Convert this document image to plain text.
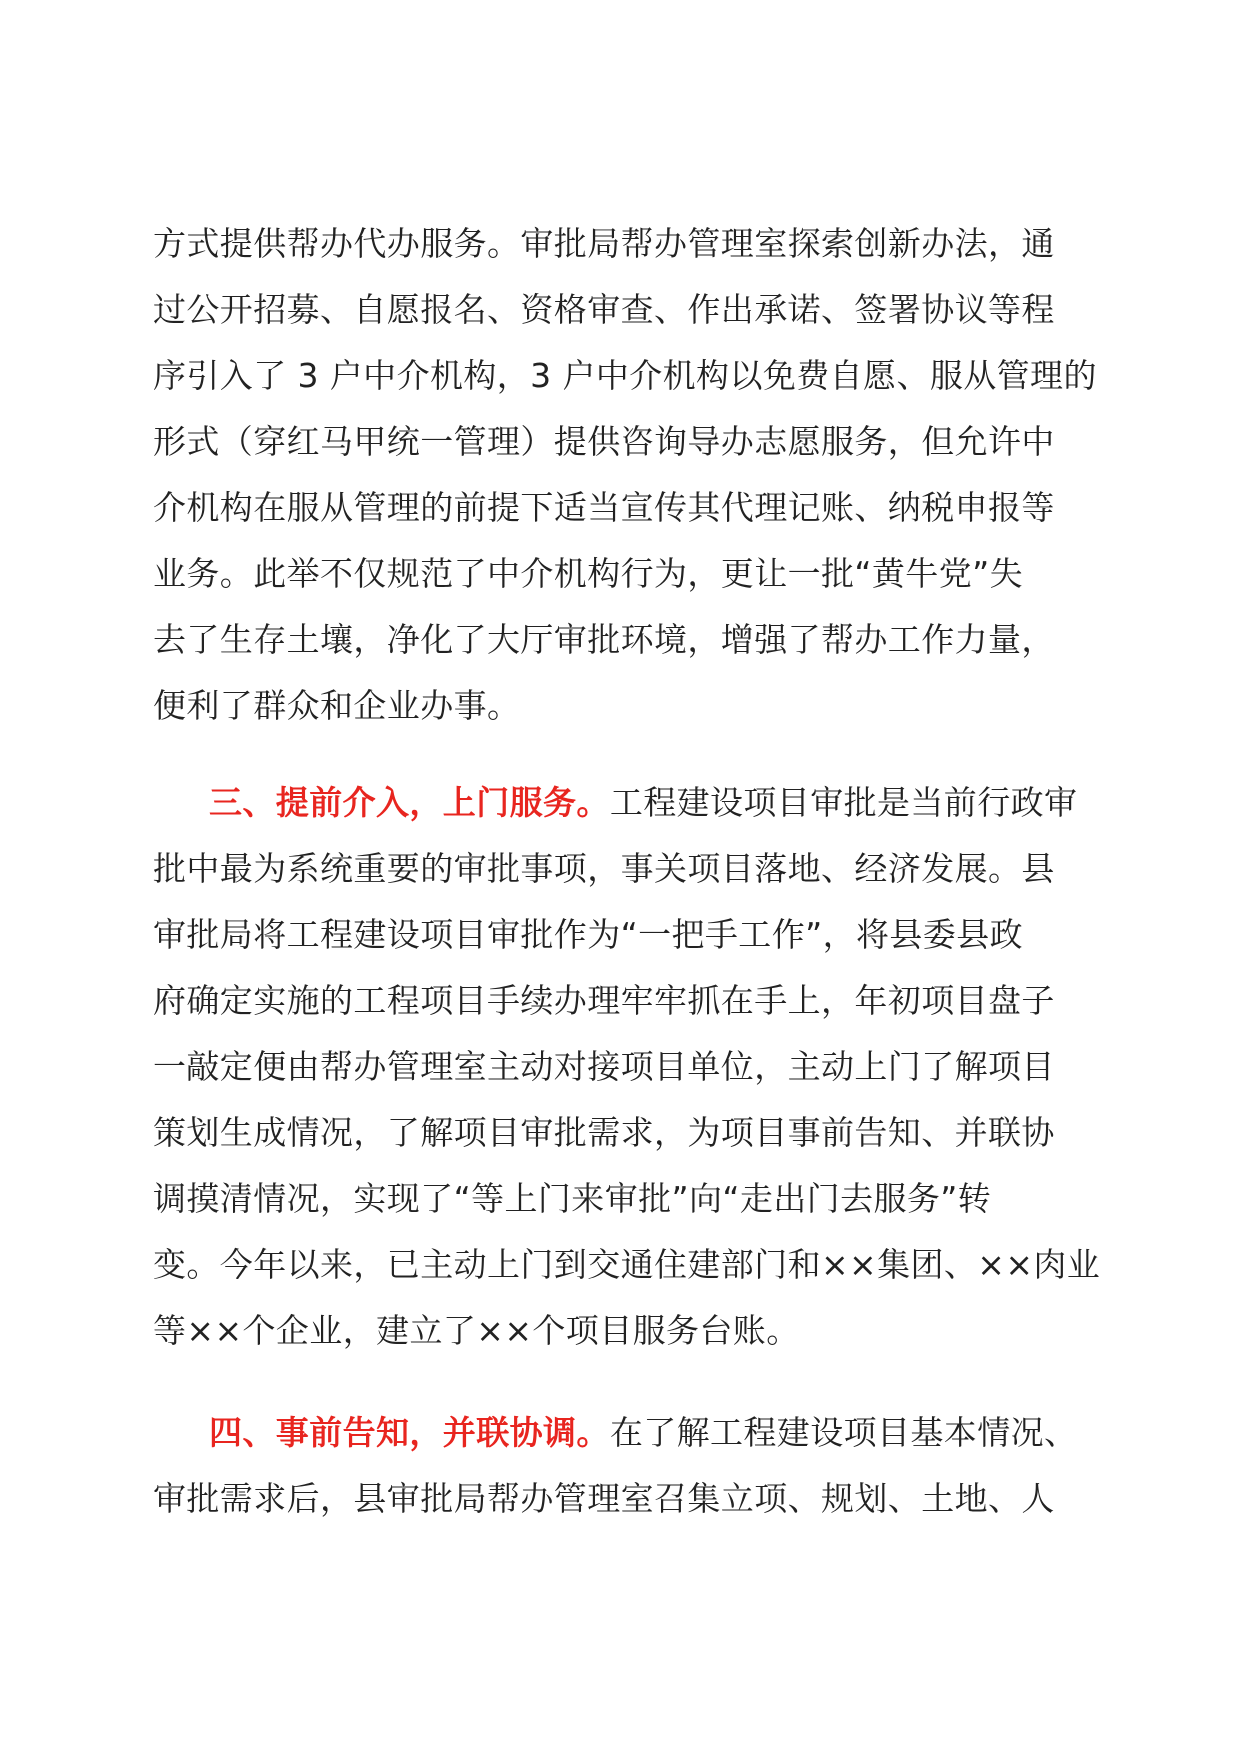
方式提供帮办代办服务。审批局帮办管理室探索创新办法，通
过公开招募、自愿报名、资格审查、作出承诺、签署协议等程
序引入了 3 户中介机构，3 户中介机构以免费自愿、服从管理的
形式（穿红马甲统一管理）提供咨询导办志愿服务，但允许中
介机构在服从管理的前提下适当宣传其代理记账、纳税申报等
业务。此举不仅规范了中介机构行为，更让一批“黄牛党”失
去了生存土壤，净化了大厅审批环境，增强了帮办工作力量，
便利了群众和企业办事。
三、提前介入，上门服务。工程建设项目审批是当前行政审
批中最为系统重要的审批事项，事关项目落地、经济发展。县
审批局将工程建设项目审批作为“一把手工作”，将县委县政
府确定实施的工程项目手续办理牢牢抓在手上，年初项目盘子
一敲定便由帮办管理室主动对接项目单位，主动上门了解项目
策划生成情况，了解项目审批需求，为项目事前告知、并联协
调摸清情况，实现了“等上门来审批”向“走出门去服务”转
变。今年以来，已主动上门到交通住建部门和××集团、××肉业
等××个企业，建立了××个项目服务台账。
四、事前告知，并联协调。在了解工程建设项目基本情况、
审批需求后，县审批局帮办管理室召集立项、规划、土地、人
